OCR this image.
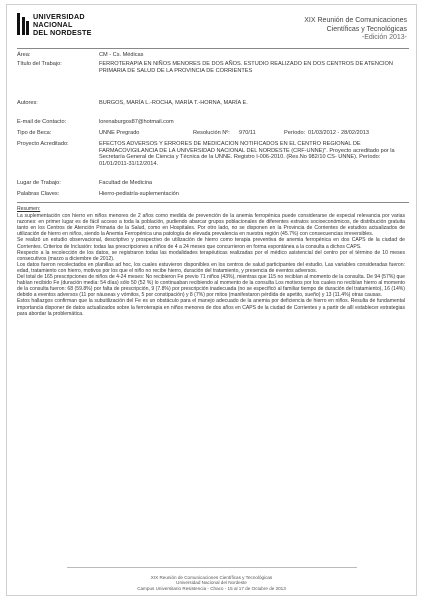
UNIVERSIDAD
NACIONAL
DEL NORDESTE
XIX Reunión de Comunicaciones
Científicas y Tecnológicas
-Edición 2013-
Área:	CM - Cs. Médicas
Título del Trabajo:	FERROTERAPIA EN NIÑOS MENORES DE DOS AÑOS. ESTUDIO REALIZADO EN DOS CENTROS DE ATENCION PRIMARIA DE SALUD DE LA PROVINCIA DE CORRIENTES
Autores:	BURGOS, MARÍA L.-ROCHA, MARÍA T.-HORNA, MARÍA E.
E-mail de Contacto:	lorenaburgos87@hotmail.com
Tipo de Beca:	UNNE Pregrado	Resolución Nº: 970/11	Período: 01/03/2012 - 28/02/2013
Proyecto Acreditado:	EFECTOS ADVERSOS Y ERRORES DE MEDICACION NOTIFICADOS EN EL CENTRO REGIONAL DE FARMACOVIGILANCIA DE LA UNIVERSIDAD NACIONAL DEL NORDESTE (CRF-UNNE)". Proyecto acreditado por la Secretaría General de Ciencia y Técnica de la UNNE. Registro I-006-2010. (Res.No 982/10 CS- UNNE). Período: 01/01/2011-31/12/2014.
Lugar de Trabajo:	Facultad de Medicina
Palabras Claves:	Hierro-pediatría-suplementación
Resumen:
La suplementación con hierro en niños menores de 2 años como medida de prevención de la anemia ferropénica puede considerarse de especial relevancia por varias razones: en primer lugar es de fácil acceso a toda la población, pudiendo abarcar grupos poblacionales de diferentes estratos socioeconómicos, de distribución gratuita tanto en los Centros de Atención Primaria de la Salud, como en Hospitales. Por otro lado, no se disponen en la Provincia de Corrientes de estudios actualizados de utilización de hierro en niños, siendo la Anemia Ferropénica una patología de elevada prevalencia en nuestra región (45.7%) con consecuencias irreversibles.
Se realizó un estudio observacional, descriptivo y prospectivo de utilización de hierro como terapia preventiva de anemia ferropénica en dos CAPS de la ciudad de Corrientes. Criterios de Inclusión: todas las prescripciones a niños de 4 a 24 meses que concurrieron en forma espontánea a la consulta a dichos CAPS.
Respecto a la recolección de los datos, se registraron todas las modalidades terapéuticas realizadas por el médico asistencial del centro por el término de 10 meses consecutivos (marzo a diciembre de 2012).
Los datos fueron recolectados en planillas ad hoc, los cuales estuvieron disponibles en los centros de salud participantes del estudio. Las variables consideradas fueron: edad, tratamiento con hierro, motivos por los que el niño no recibe hierro, duración del tratamiento, y presencia de eventos adversos.
Del total de 165 prescripciones de niños de 4-24 meses: No recibieron Fe previo 71 niños (43%), mientras que 115 no recibían al momento de la consulta. De 94 (57%) que habían recibido Fe (duración media: 54 días) sólo 50 (52 %) lo continuaban recibiendo al momento de la consulta Los motivos por los cuales no recibían hierro al momento de la consulta fueron: 68 (59.8%) por falta de prescripción, 9 (7.8%) por prescripción inadecuada (no se especificó al familiar tiempo de duración del tratamiento), 16 (14%) debido a eventos adversos (11 por náuseas y vómitos, 5 por constipación) y 8 (7%) por mitos (manifestaron pérdida de apetito, sueño) y 13 (11.4%) otras causas.
Estos hallazgos confirman que la subutilización del Fe es un obstáculo para el manejo adecuado de la anemia por deficiencia de hierro en niños. Resulta de fundamental importancia disponer de datos actualizados sobre la ferroterapia en niños menores de dos años en CAPS de la ciudad de Corrientes y a partir de allí establecer estrategias para abordar la problemática.
XIX Reunión de Comunicaciones Científicas y Tecnológicas
Universidad Nacional del Nordeste
Campus Universitario Resistencia - Chaco - 15 al 17 de Octubre de 2013
